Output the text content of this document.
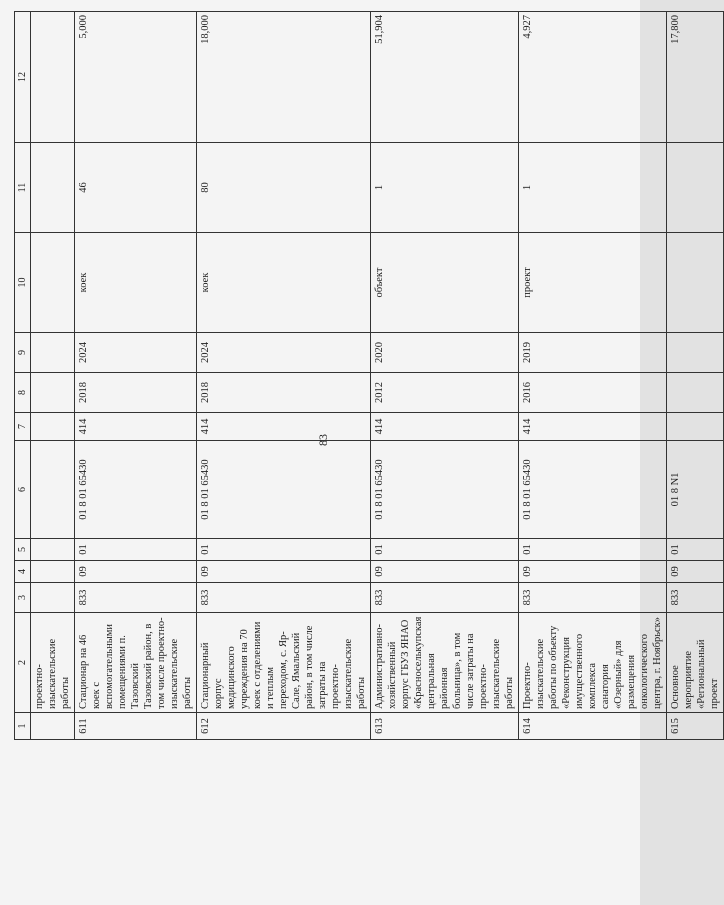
83
1	2	3	4	5	6	7	8	9	10	11	12
	проектно-изыскательские работы										
611	Стационар на 46 коек с вспомогательными помещениями п. Тазовский Тазовский район, в том числе проектно-изыскательские работы	833	09	01	01 8 01 65430	414	2018	2024	коек	46	5,000
612	Стационарный корпус медицинского учреждения на 70 коек с отделениями и теплым переходом, с. Яр-Сале, Ямальский район, в том числе затраты на проектно-изыскательские работы	833	09	01	01 8 01 65430	414	2018	2024	коек	80	18,000
613	Административно-хозяйственный корпус ГБУЗ ЯНАО «Красноселькупская центральная районная больница», в том числе затраты на проектно-изыскательские работы	833	09	01	01 8 01 65430	414	2012	2020	объект	1	51,904
614	Проектно-изыскательские работы по объекту «Реконструкция имущественного комплекса санатория «Озерный» для размещения онкологического центра, г. Ноябрьск»	833	09	01	01 8 01 65430	414	2016	2019	проект	1	4,927
615	Основное мероприятие «Региональный проект	833	09	01	01 8 N1						17,800
